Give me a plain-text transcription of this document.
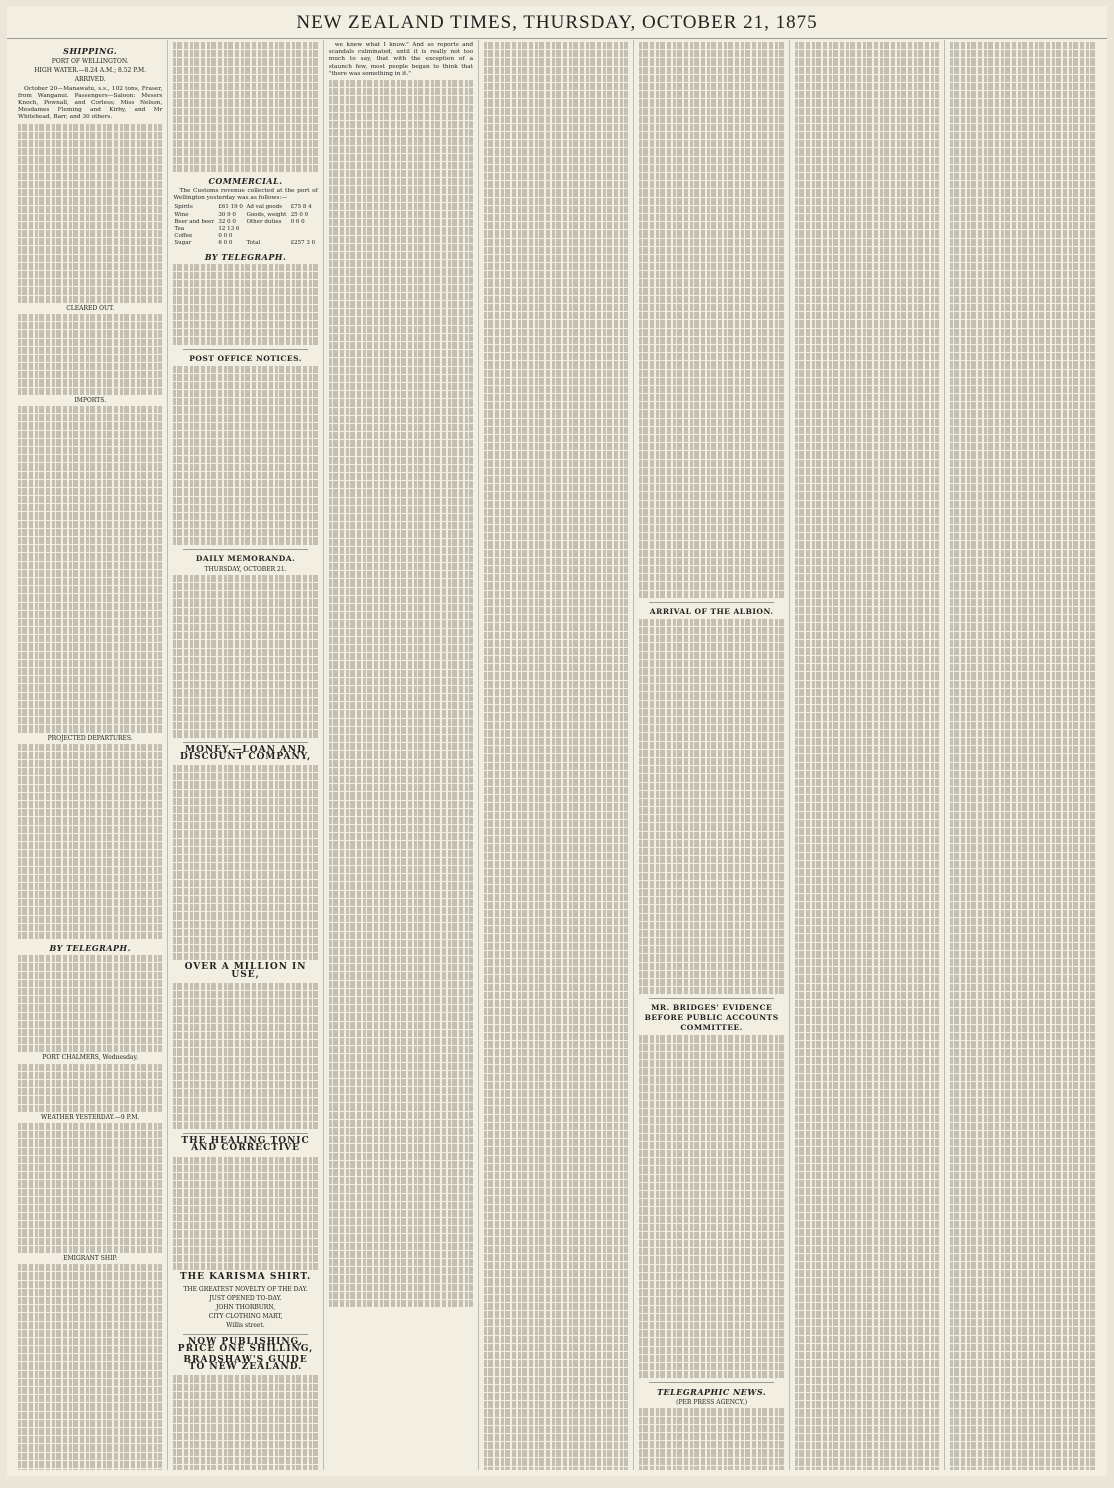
NEW ZEALAND TIMES, THURSDAY, OCTOBER 21, 1875
SHIPPING.
PORT OF WELLINGTON.
HIGH WATER.—8.24 A.M.; 8.52 P.M.
ARRIVED.
October 20—Manawatu, s.s., 102 tons, Fraser, from Wanganui. Passengers—Saloon: Messrs Knoch, Pownall, and Corless; Miss Nelson, Mesdames Fleming and Kirby, and Mr Whitehead, Barr, and 30 others.
CLEARED OUT.
IMPORTS.
PROJECTED DEPARTURES.
BY TELEGRAPH.
PORT CHALMERS, Wednesday.
WEATHER YESTERDAY.—9 P.M.
EMIGRANT SHIP.
COMMERCIAL.
The Customs revenue collected at the port of Wellington yesterday was as follows:—
Spirits	£61 19 0	Ad val goods	£75 8 4
Wine	30 9 0	Goods, weight	25 0 0
Beer and beer	32 0 0	Other duties	0 0 0
Tea	12 13 6		
Coffee	0 0 0		
Sugar	6 0 0	Total	£257 3 0
BY TELEGRAPH.
POST OFFICE NOTICES.
DAILY MEMORANDA.
THURSDAY, OCTOBER 21.
MONEY.—LOAN AND DISCOUNT COMPANY,
OVER A MILLION IN USE,
THE HEALING TONIC AND CORRECTIVE
THE KARISMA SHIRT.
THE GREATEST NOVELTY OF THE DAY.
JUST OPENED TO-DAY.
JOHN THORBURN,
CITY CLOTHING MART,
Willis street.
NOW PUBLISHING, PRICE ONE SHILLING,
BRADSHAW'S GUIDE TO NEW ZEALAND.
we knew what I know." And so reports and scandals culminated, until it is really not too much to say, that with the exception of a staunch few, most people began to think that "there was something in it."
ARRIVAL OF THE ALBION.
MR. BRIDGES' EVIDENCE BEFORE PUBLIC ACCOUNTS COMMITTEE.
TELEGRAPHIC NEWS.
(PER PRESS AGENCY.)
